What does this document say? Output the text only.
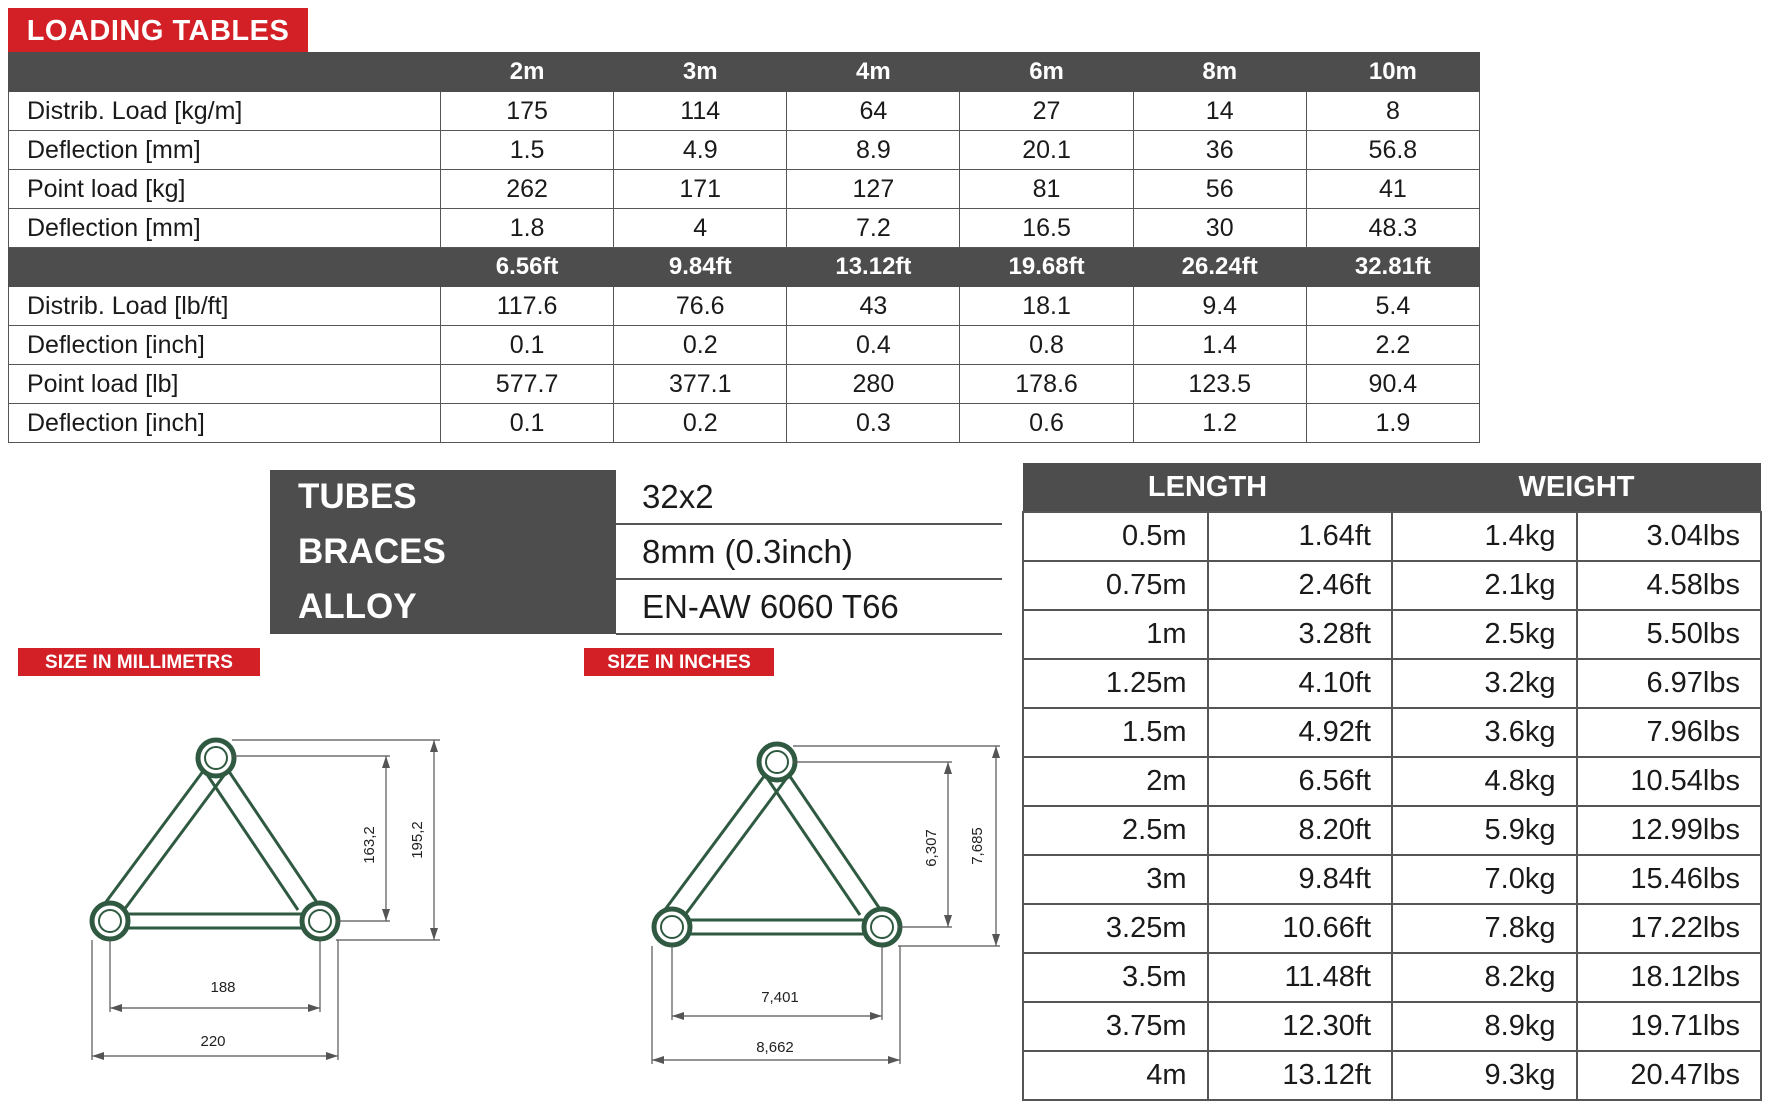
LOADING TABLES
	2m	3m	4m	6m	8m	10m
Distrib. Load [kg/m]	175	114	64	27	14	8
Deflection [mm]	1.5	4.9	8.9	20.1	36	56.8
Point load [kg]	262	171	127	81	56	41
Deflection [mm]	1.8	4	7.2	16.5	30	48.3
	6.56ft	9.84ft	13.12ft	19.68ft	26.24ft	32.81ft
Distrib. Load [lb/ft]	117.6	76.6	43	18.1	9.4	5.4
Deflection [inch]	0.1	0.2	0.4	0.8	1.4	2.2
Point load [lb]	577.7	377.1	280	178.6	123.5	90.4
Deflection [inch]	0.1	0.2	0.3	0.6	1.2	1.9
TUBES	32x2
BRACES	8mm (0.3inch)
ALLOY	EN-AW 6060 T66
LENGTH		WEIGHT	
0.5m	1.64ft	1.4kg	3.04lbs
0.75m	2.46ft	2.1kg	4.58lbs
1m	3.28ft	2.5kg	5.50lbs
1.25m	4.10ft	3.2kg	6.97lbs
1.5m	4.92ft	3.6kg	7.96lbs
2m	6.56ft	4.8kg	10.54lbs
2.5m	8.20ft	5.9kg	12.99lbs
3m	9.84ft	7.0kg	15.46lbs
3.25m	10.66ft	7.8kg	17.22lbs
3.5m	11.48ft	8.2kg	18.12lbs
3.75m	12.30ft	8.9kg	19.71lbs
4m	13.12ft	9.3kg	20.47lbs
SIZE IN MILLIMETRS	SIZE IN INCHES
163,2 195,2
188
220
6,307 7,685
7,401
8,662
